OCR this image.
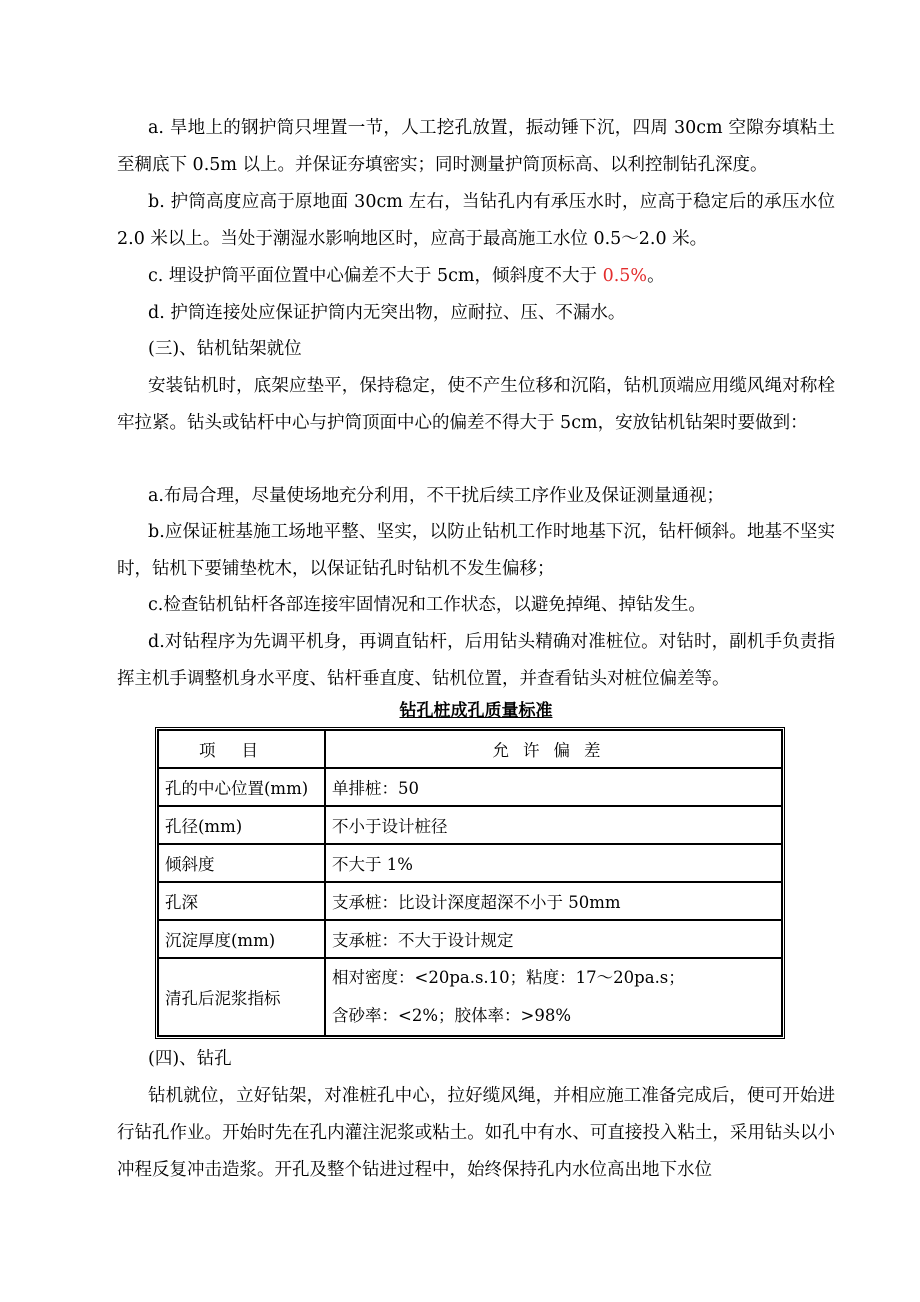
a. 旱地上的钢护筒只埋置一节，人工挖孔放置，振动锤下沉，四周 30cm 空隙夯填粘土至稠底下 0.5m 以上。并保证夯填密实；同时测量护筒顶标高、以利控制钻孔深度。

b. 护筒高度应高于原地面 30cm 左右，当钻孔内有承压水时，应高于稳定后的承压水位 2.0 米以上。当处于潮湿水影响地区时，应高于最高施工水位 0.5～2.0 米。

c. 埋设护筒平面位置中心偏差不大于 5cm，倾斜度不大于 0.5%。

d. 护筒连接处应保证护筒内无突出物，应耐拉、压、不漏水。

(三)、钻机钻架就位

安装钻机时，底架应垫平，保持稳定，使不产生位移和沉陷，钻机顶端应用缆风绳对称栓牢拉紧。钻头或钻杆中心与护筒顶面中心的偏差不得大于 5cm，安放钻机钻架时要做到：

a.布局合理，尽量使场地充分利用，不干扰后续工序作业及保证测量通视；

b.应保证桩基施工场地平整、坚实，以防止钻机工作时地基下沉，钻杆倾斜。地基不坚实时，钻机下要铺垫枕木，以保证钻孔时钻机不发生偏移；

c.检查钻机钻杆各部连接牢固情况和工作状态，以避免掉绳、掉钻发生。

d.对钻程序为先调平机身，再调直钻杆，后用钻头精确对准桩位。对钻时，副机手负责指挥主机手调整机身水平度、钻杆垂直度、钻机位置，并查看钻头对桩位偏差等。

钻孔桩成孔质量标准
项目	允许偏差
孔的中心位置(mm)	单排桩：50
孔径(mm)	不小于设计桩径
倾斜度	不大于 1%
孔深	支承桩：比设计深度超深不小于 50mm
沉淀厚度(mm)	支承桩：不大于设计规定
清孔后泥浆指标	相对密度：<20pa.s.10；粘度：17～20pa.s；
含砂率：<2%；胶体率：>98%

(四)、钻孔

钻机就位，立好钻架，对准桩孔中心，拉好缆风绳，并相应施工准备完成后，便可开始进行钻孔作业。开始时先在孔内灌注泥浆或粘土。如孔中有水、可直接投入粘土，采用钻头以小冲程反复冲击造浆。开孔及整个钻进过程中，始终保持孔内水位高出地下水位
